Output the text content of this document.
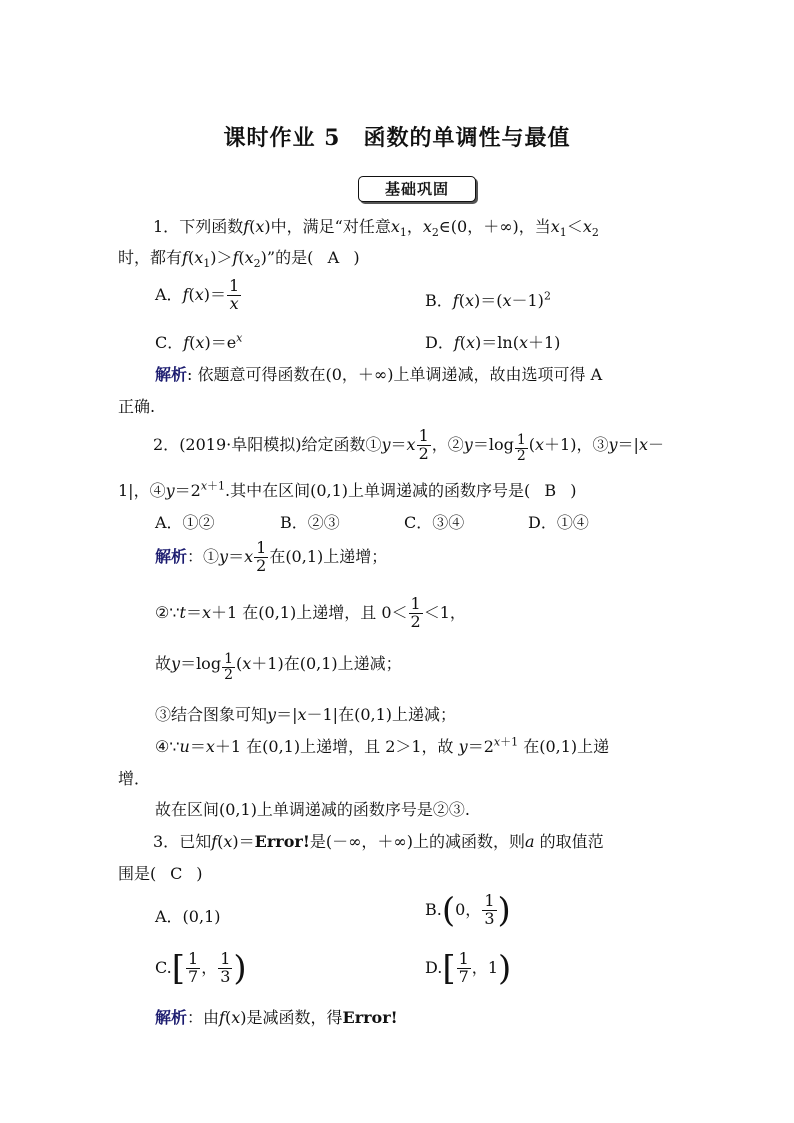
课时作业 5　函数的单调性与最值
基础巩固
1．下列函数f(x)中，满足“对任意$x_1$，$x_2\in(0$，＋∞)，当$x_1<x_2$
时，都有$f(x_1)>f(x_2)$”的是( A )
A．$f(x)= \frac{1}{x}$	B．$f(x)=(x-1)^2$
C．$f(x)=e^x$	D．f(x)＝ln(x＋1)
解析: 依题意可得函数在(0，＋∞)上单调递减，故由选项可得 A
正确.
2．(2019·阜阳模拟)给定函数①y＝x $\frac{1}{2}$ ，②y＝log $\frac{1}{2} (x+1)$，③y＝|x－
1|，$④y=2^{x+1}$.其中在区间(0,1)上单调递减的函数序号是( B )
A．①②	B．②③	C．③④	D．①④
解析：①y＝x $\frac{1}{2}$ 在(0,1)上递增；
②∵t＝x＋1 在(0,1)上递增，且 $0< \frac{1}{2} <1$，
故$y=\log \frac{1}{2} (x+1)$在(0,1)上递减；
③结合图象可知y＝|x－1|在(0,1)上递减；
④∵u＝x＋1 在(0,1)上递增，且 2＞1，故 $y=2^{x+1}$ 在(0,1)上递
增．
故在区间(0,1)上单调递减的函数序号是②③.
3．已知f(x)＝Error!是(－∞，＋∞)上的减函数，则a 的取值范
围是( C )
A．(0,1)	B.(0， $\frac{1}{3}$ )
$C.[ \frac{1}{7}$ ， $\frac{1}{3}$ )	$D.[ \frac{1}{7}$ ，1)
解析：由f(x)是减函数，得Error!
